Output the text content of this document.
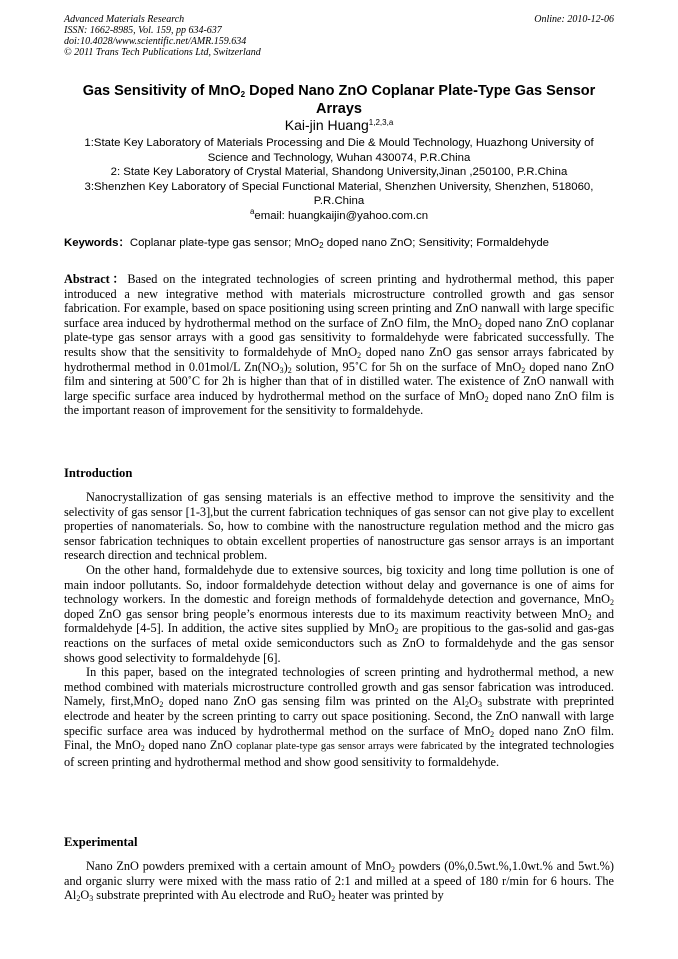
Advanced Materials Research
ISSN: 1662-8985, Vol. 159, pp 634-637
doi:10.4028/www.scientific.net/AMR.159.634
© 2011 Trans Tech Publications Ltd, Switzerland
Online: 2010-12-06
Gas Sensitivity of MnO$_2$ Doped Nano ZnO Coplanar Plate-Type Gas Sensor Arrays
Kai-jin Huang$^{1,2,3,a}$

1:State Key Laboratory of Materials Processing and Die & Mould Technology, Huazhong University of Science and Technology, Wuhan 430074, P.R.China

2: State Key Laboratory of Crystal Material, Shandong University,Jinan ,250100, P.R.China

3:Shenzhen Key Laboratory of Special Functional Material, Shenzhen University, Shenzhen, 518060, P.R.China

$^a$email: huangkaijin@yahoo.com.cn

Keywords：Coplanar plate-type gas sensor; MnO$_2$ doped nano ZnO; Sensitivity; Formaldehyde

Abstract：Based on the integrated technologies of screen printing and hydrothermal method, this paper introduced a new integrative method with materials microstructure controlled growth and gas sensor fabrication. For example, based on space positioning using screen printing and ZnO nanwall with large specific surface area induced by hydrothermal method on the surface of ZnO film, the MnO$_2$ doped nano ZnO coplanar plate-type gas sensor arrays with a good gas sensitivity to formaldehyde were fabricated successfully. The results show that the sensitivity to formaldehyde of MnO$_2$ doped nano ZnO gas sensor arrays fabricated by hydrothermal method in 0.01mol/L $Zn(NO_3)_2$ solution, 95˚C for 5h on the surface of MnO$_2$ doped nano ZnO film and sintering at 500˚C for 2h is higher than that of in distilled water. The existence of ZnO nanwall with large specific surface area induced by hydrothermal method on the surface of MnO$_2$ doped nano ZnO film is the important reason of improvement for the sensitivity to formaldehyde.

Introduction

Nanocrystallization of gas sensing materials is an effective method to improve the sensitivity and the selectivity of gas sensor [1-3],but the current fabrication techniques of gas sensor can not give play to excellent properties of nanomaterials. So, how to combine with the nanostructure regulation method and the micro gas sensor fabrication techniques to obtain excellent properties of nanostructure gas sensor arrays is an important research direction and technical problem.

On the other hand, formaldehyde due to extensive sources, big toxicity and long time pollution is one of main indoor pollutants. So, indoor formaldehyde detection without delay and governance is one of aims for technology workers. In the domestic and foreign methods of formaldehyde detection and governance, MnO$_2$ doped ZnO gas sensor bring people’s enormous interests due to its maximum reactivity between MnO$_2$ and formaldehyde [4-5]. In addition, the active sites supplied by MnO$_2$ are propitious to the gas-solid and gas-gas reactions on the surfaces of metal oxide semiconductors such as ZnO to formaldehyde and the gas sensor shows good selectivity to formaldehyde [6].

In this paper, based on the integrated technologies of screen printing and hydrothermal method, a new method combined with materials microstructure controlled growth and gas sensor fabrication was introduced. Namely, first,MnO$_2$ doped nano ZnO gas sensing film was printed on the $Al_2O_3$ substrate with preprinted electrode and heater by the screen printing to carry out space positioning. Second, the ZnO nanwall with large specific surface area was induced by hydrothermal method on the surface of MnO$_2$ doped nano ZnO film. Final, the MnO$_2$ doped nano ZnO coplanar plate-type gas sensor arrays were fabricated by the integrated technologies of screen printing and hydrothermal method and show good sensitivity to formaldehyde.

Experimental

Nano ZnO powders premixed with a certain amount of MnO$_2$ powders (0%,0.5wt.%,1.0wt.% and 5wt.%) and organic slurry were mixed with the mass ratio of 2:1 and milled at a speed of 180 r/min for 6 hours. The $Al_2O_3$ substrate preprinted with Au electrode and RuO$_2$ heater was printed by
